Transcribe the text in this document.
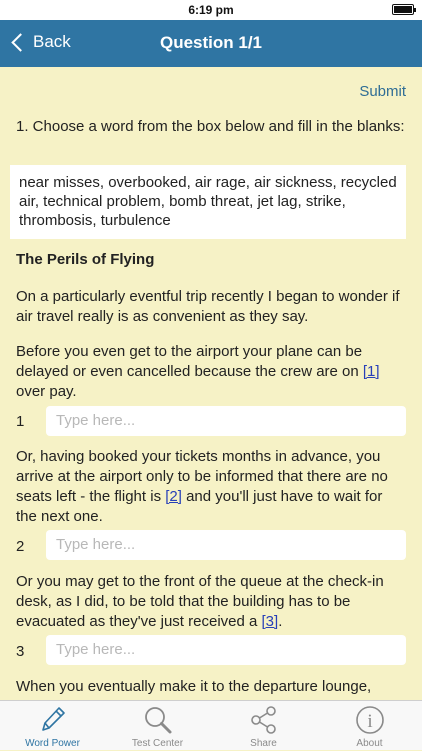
6:19 pm
Back	Question 1/1
Submit

1. Choose a word from the box below and fill in the blanks:

near misses, overbooked, air rage, air sickness, recycled air, technical problem, bomb threat, jet lag, strike, thrombosis, turbulence

The Perils of Flying

On a particularly eventful trip recently I began to wonder if air travel really is as convenient as they say.

Before you even get to the airport your plane can be delayed or even cancelled because the crew are on [1] over pay.

1	Type here...

Or, having booked your tickets months in advance, you arrive at the airport only to be informed that there are no seats left - the flight is [2] and you'll just have to wait for the next one.

2	Type here...

Or you may get to the front of the queue at the check-in desk, as I did, to be told that the building has to be evacuated as they've just received a [3].

3	Type here...

When you eventually make it to the departure lounge,

Word Power	Test Center	Share
i
About
